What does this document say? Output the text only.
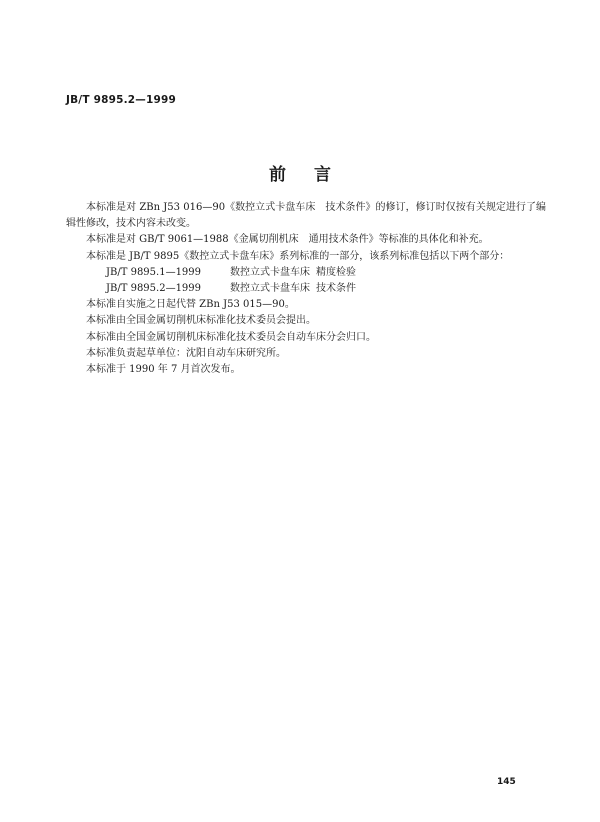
JB/T 9895.2—1999
前言

本标准是对 ZBn J53 016—90《数控立式卡盘车床　技术条件》的修订，修订时仅按有关规定进行了编辑性修改，技术内容未改变。

本标准是对 GB/T 9061—1988《金属切削机床　通用技术条件》等标准的具体化和补充。

本标准是 JB/T 9895《数控立式卡盘车床》系列标准的一部分，该系列标准包括以下两个部分：

JB/T 9895.1—1999	数控立式卡盘车床 精度检验

JB/T 9895.2—1999	数控立式卡盘车床 技术条件

本标准自实施之日起代替 ZBn J53 015—90。

本标准由全国金属切削机床标准化技术委员会提出。

本标准由全国金属切削机床标准化技术委员会自动车床分会归口。

本标准负责起草单位：沈阳自动车床研究所。

本标准于 1990 年 7 月首次发布。

145
